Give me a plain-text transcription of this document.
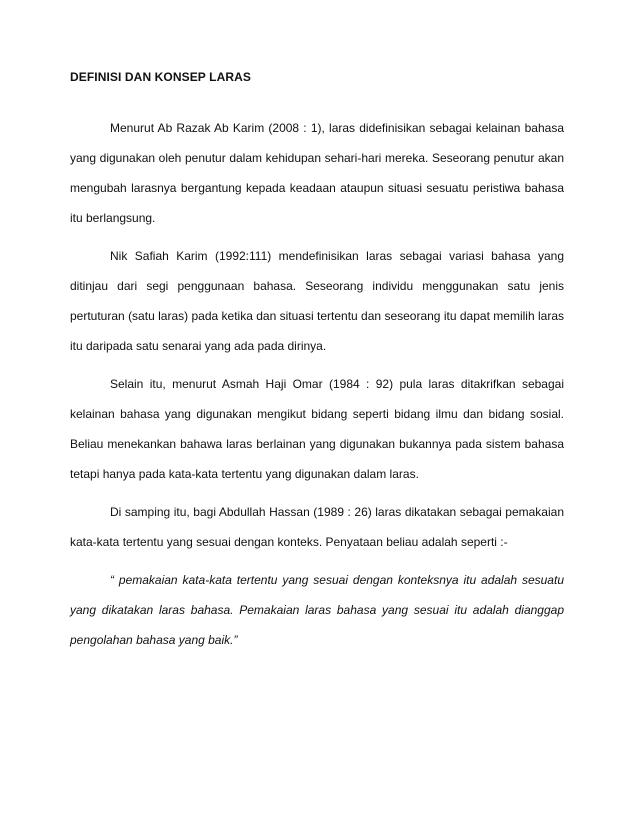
DEFINISI DAN KONSEP LARAS

Menurut Ab Razak Ab Karim (2008 : 1), laras didefinisikan sebagai kelainan bahasa yang digunakan oleh penutur dalam kehidupan sehari-hari mereka. Seseorang penutur akan mengubah larasnya bergantung kepada keadaan ataupun situasi sesuatu peristiwa bahasa itu berlangsung.

Nik Safiah Karim (1992:111) mendefinisikan laras sebagai variasi bahasa yang ditinjau dari segi penggunaan bahasa. Seseorang individu menggunakan satu jenis pertuturan (satu laras) pada ketika dan situasi tertentu dan seseorang itu dapat memilih laras itu daripada satu senarai yang ada pada dirinya.

Selain itu, menurut Asmah Haji Omar (1984 : 92) pula laras ditakrifkan sebagai kelainan bahasa yang digunakan mengikut bidang seperti bidang ilmu dan bidang sosial. Beliau menekankan bahawa laras berlainan yang digunakan bukannya pada sistem bahasa tetapi hanya pada kata-kata tertentu yang digunakan dalam laras.

Di samping itu, bagi Abdullah Hassan (1989 : 26) laras dikatakan sebagai pemakaian kata-kata tertentu yang sesuai dengan konteks. Penyataan beliau adalah seperti :-

“ pemakaian kata-kata tertentu yang sesuai dengan konteksnya itu adalah sesuatu yang dikatakan laras bahasa. Pemakaian laras bahasa yang sesuai itu adalah dianggap pengolahan bahasa yang baik.”
